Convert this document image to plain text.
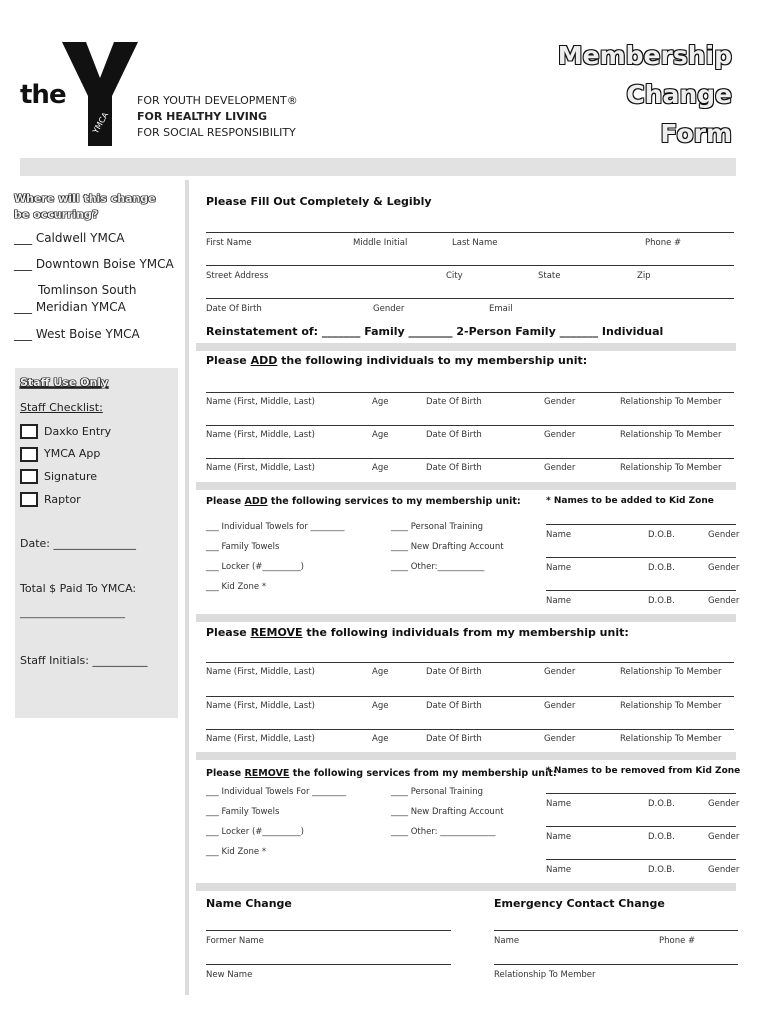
the
YMCA
FOR YOUTH DEVELOPMENT®
FOR HEALTHY LIVING
FOR SOCIAL RESPONSIBILITY
Membership
Change
Form
Where will this change be occurring?
___ Caldwell YMCA
___ Downtown Boise YMCA
Tomlinson South
___ Meridian YMCA
___ West Boise YMCA
Staff Use Only
Staff Checklist:
Daxko Entry
YMCA App
Signature
Raptor
Date: _______________
Total $ Paid To YMCA:
_____________________
Staff Initials: __________
Please Fill Out Completely & Legibly
First Name	Middle Initial	Last Name	Phone #
Street Address	City	State	Zip
Date Of Birth	Gender	Email
Reinstatement of: _______ Family ________ 2-Person Family _______ Individual
Please ADD the following individuals to my membership unit:
Name (First, Middle, Last)	Age	Date Of Birth	Gender	Relationship To Member
Name (First, Middle, Last)	Age	Date Of Birth	Gender	Relationship To Member
Name (First, Middle, Last)	Age	Date Of Birth	Gender	Relationship To Member
Please ADD the following services to my membership unit:
___ Individual Towels for ________
___ Family Towels
___ Locker (#_________)
___ Kid Zone *
____ Personal Training
____ New Drafting Account
____ Other:___________
* Names to be added to Kid Zone
Name	D.O.B.	Gender
Name	D.O.B.	Gender
Name	D.O.B.	Gender
Please REMOVE the following individuals from my membership unit:
Name (First, Middle, Last)	Age	Date Of Birth	Gender	Relationship To Member
Name (First, Middle, Last)	Age	Date Of Birth	Gender	Relationship To Member
Name (First, Middle, Last)	Age	Date Of Birth	Gender	Relationship To Member
Please REMOVE the following services from my membership unit:
___ Individual Towels For ________
___ Family Towels
___ Locker (#_________)
___ Kid Zone *
____ Personal Training
____ New Drafting Account
____ Other: _____________
* Names to be removed from Kid Zone
Name	D.O.B.	Gender
Name	D.O.B.	Gender
Name	D.O.B.	Gender
Name Change
Former Name
New Name
Emergency Contact Change
Name	Phone #
Relationship To Member
